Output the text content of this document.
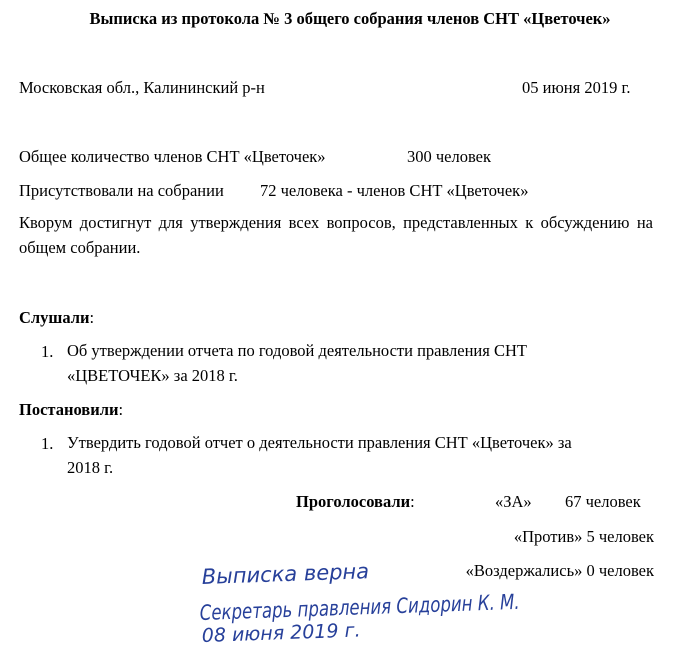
Выписка из протокола № 3 общего собрания членов СНТ «Цветочек»
Московская обл., Калининский р-н	05 июня 2019 г.
Общее количество членов СНТ «Цветочек»	300 человек
Присутствовали на собрании 72 человека - членов СНТ «Цветочек»
Кворум достигнут для утверждения всех вопросов, представленных к обсуждению на общем собрании.
Слушали:
1. Об утверждении отчета по годовой деятельности правления СНТ
«ЦВЕТОЧЕК» за 2018 г.
Постановили:
1. Утвердить годовой отчет о деятельности правления СНТ «Цветочек» за
2018 г.
Проголосовали:	«ЗА» 67 человек
«Против» 5 человек
«Воздержались» 0 человек
Выписка верна
Секретарь правления Сидорин К. М.
08 июня 2019 г.
